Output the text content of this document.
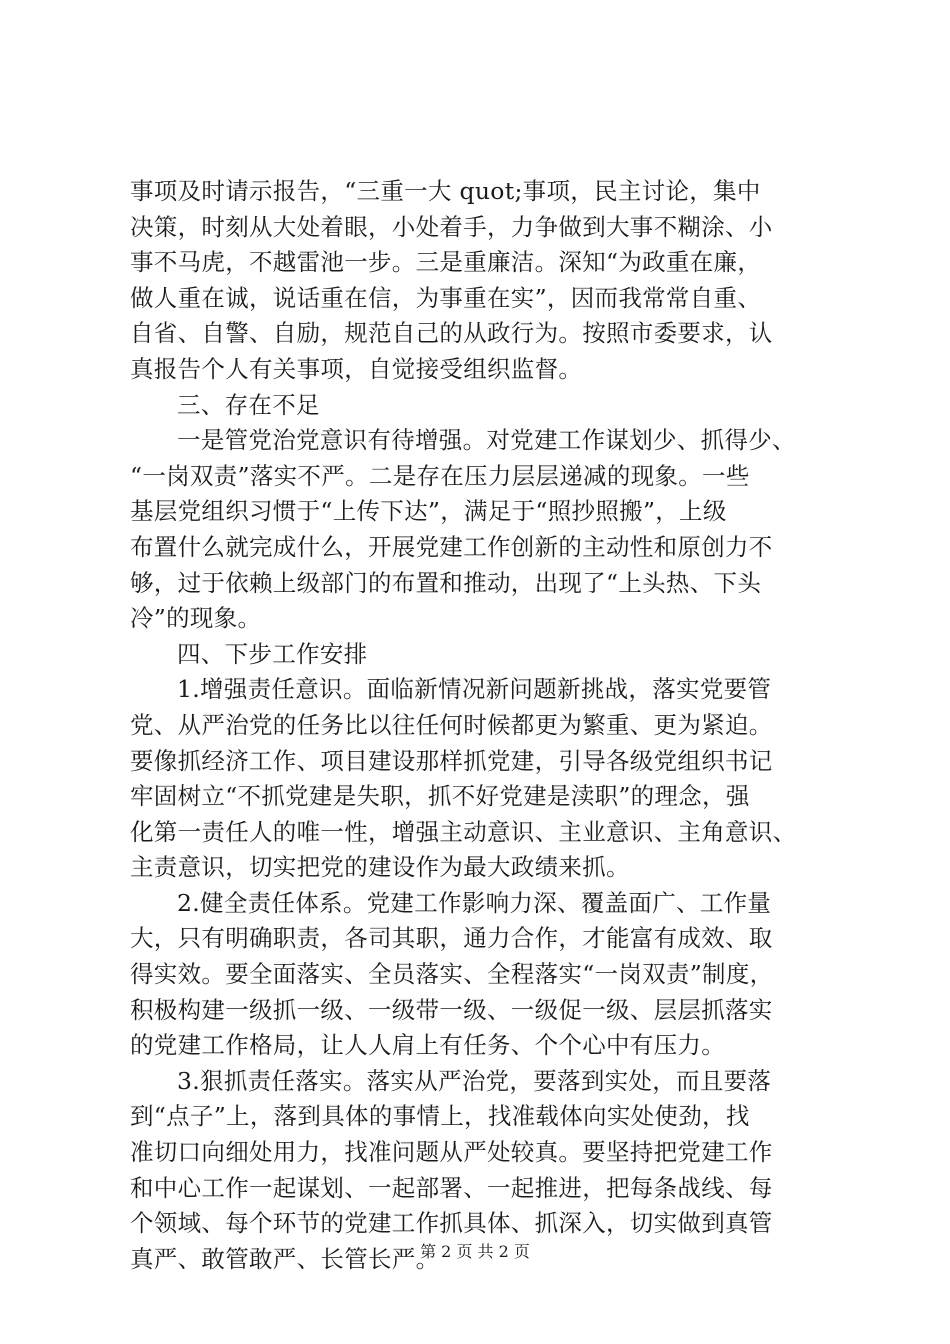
事项及时请示报告，“三重一大 quot;事项，民主讨论，集中
决策，时刻从大处着眼，小处着手，力争做到大事不糊涂、小
事不马虎，不越雷池一步。三是重廉洁。深知“为政重在廉，
做人重在诚，说话重在信，为事重在实”，因而我常常自重、
自省、自警、自励，规范自己的从政行为。按照市委要求，认
真报告个人有关事项，自觉接受组织监督。
三、存在不足
一是管党治党意识有待增强。对党建工作谋划少、抓得少、
“一岗双责”落实不严。二是存在压力层层递减的现象。一些
基层党组织习惯于“上传下达”，满足于“照抄照搬”，上级
布置什么就完成什么，开展党建工作创新的主动性和原创力不
够，过于依赖上级部门的布置和推动，出现了“上头热、下头
冷”的现象。
四、下步工作安排
1.增强责任意识。面临新情况新问题新挑战，落实党要管
党、从严治党的任务比以往任何时候都更为繁重、更为紧迫。
要像抓经济工作、项目建设那样抓党建，引导各级党组织书记
牢固树立“不抓党建是失职，抓不好党建是渎职”的理念，强
化第一责任人的唯一性，增强主动意识、主业意识、主角意识、
主责意识，切实把党的建设作为最大政绩来抓。
2.健全责任体系。党建工作影响力深、覆盖面广、工作量
大，只有明确职责，各司其职，通力合作，才能富有成效、取
得实效。要全面落实、全员落实、全程落实“一岗双责”制度，
积极构建一级抓一级、一级带一级、一级促一级、层层抓落实
的党建工作格局，让人人肩上有任务、个个心中有压力。
3.狠抓责任落实。落实从严治党，要落到实处，而且要落
到“点子”上，落到具体的事情上，找准载体向实处使劲，找
准切口向细处用力，找准问题从严处较真。要坚持把党建工作
和中心工作一起谋划、一起部署、一起推进，把每条战线、每
个领域、每个环节的党建工作抓具体、抓深入，切实做到真管
真严、敢管敢严、长管长严。
第 2 页 共 2 页
